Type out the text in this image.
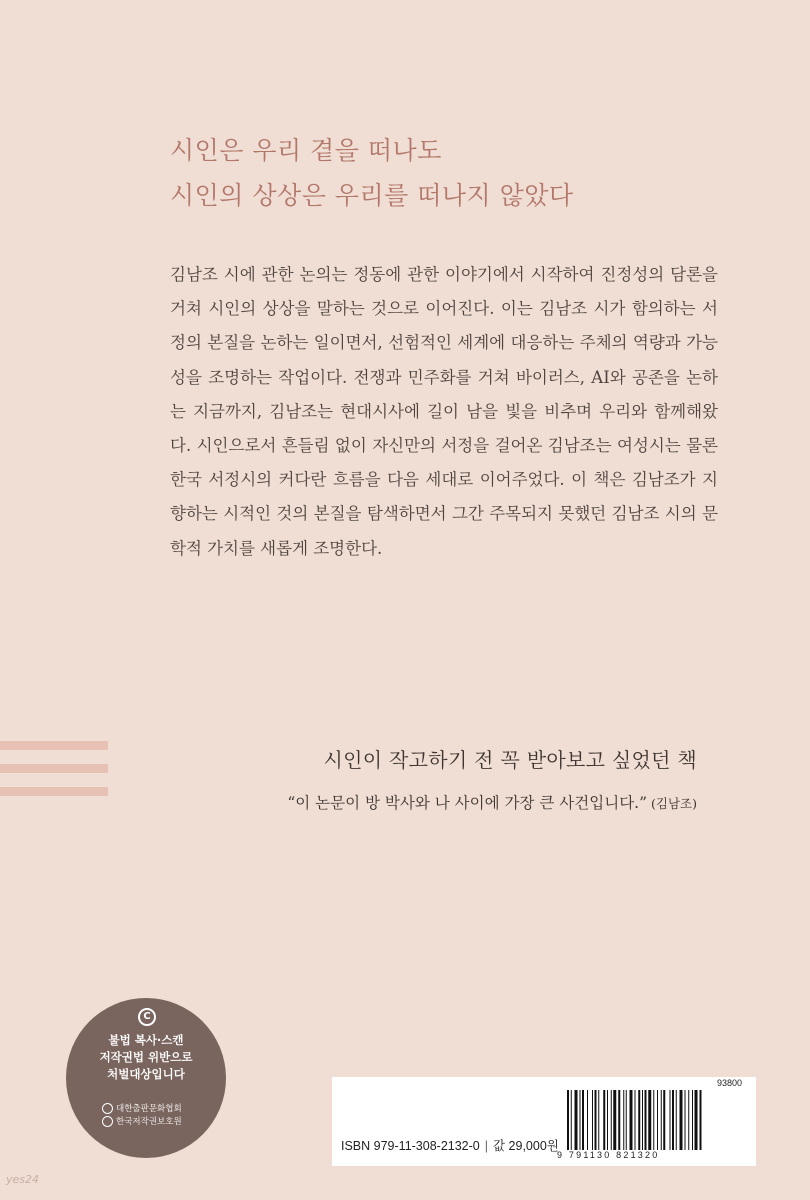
시인은 우리 곁을 떠나도
시인의 상상은 우리를 떠나지 않았다
김남조 시에 관한 논의는 정동에 관한 이야기에서 시작하여 진정성의 담론을 거쳐 시인의 상상을 말하는 것으로 이어진다. 이는 김남조 시가 함의하는 서정의 본질을 논하는 일이면서, 선험적인 세계에 대응하는 주체의 역량과 가능성을 조명하는 작업이다. 전쟁과 민주화를 거쳐 바이러스, AI와 공존을 논하는 지금까지, 김남조는 현대시사에 길이 남을 빛을 비추며 우리와 함께해왔다. 시인으로서 흔들림 없이 자신만의 서정을 걸어온 김남조는 여성시는 물론 한국 서정시의 커다란 흐름을 다음 세대로 이어주었다. 이 책은 김남조가 지향하는 시적인 것의 본질을 탐색하면서 그간 주목되지 못했던 김남조 시의 문학적 가치를 새롭게 조명한다.
시인이 작고하기 전 꼭 받아보고 싶었던 책
“이 논문이 방 박사와 나 사이에 가장 큰 사건입니다.” (김남조)
C
불법 복사·스캔
저작권법 위반으로
처벌대상입니다
대한출판문화협회
한국저작권보호원
ISBN 979-11-308-2132-0 | 값 29,000원
93800
9 791130 821320
yes24
